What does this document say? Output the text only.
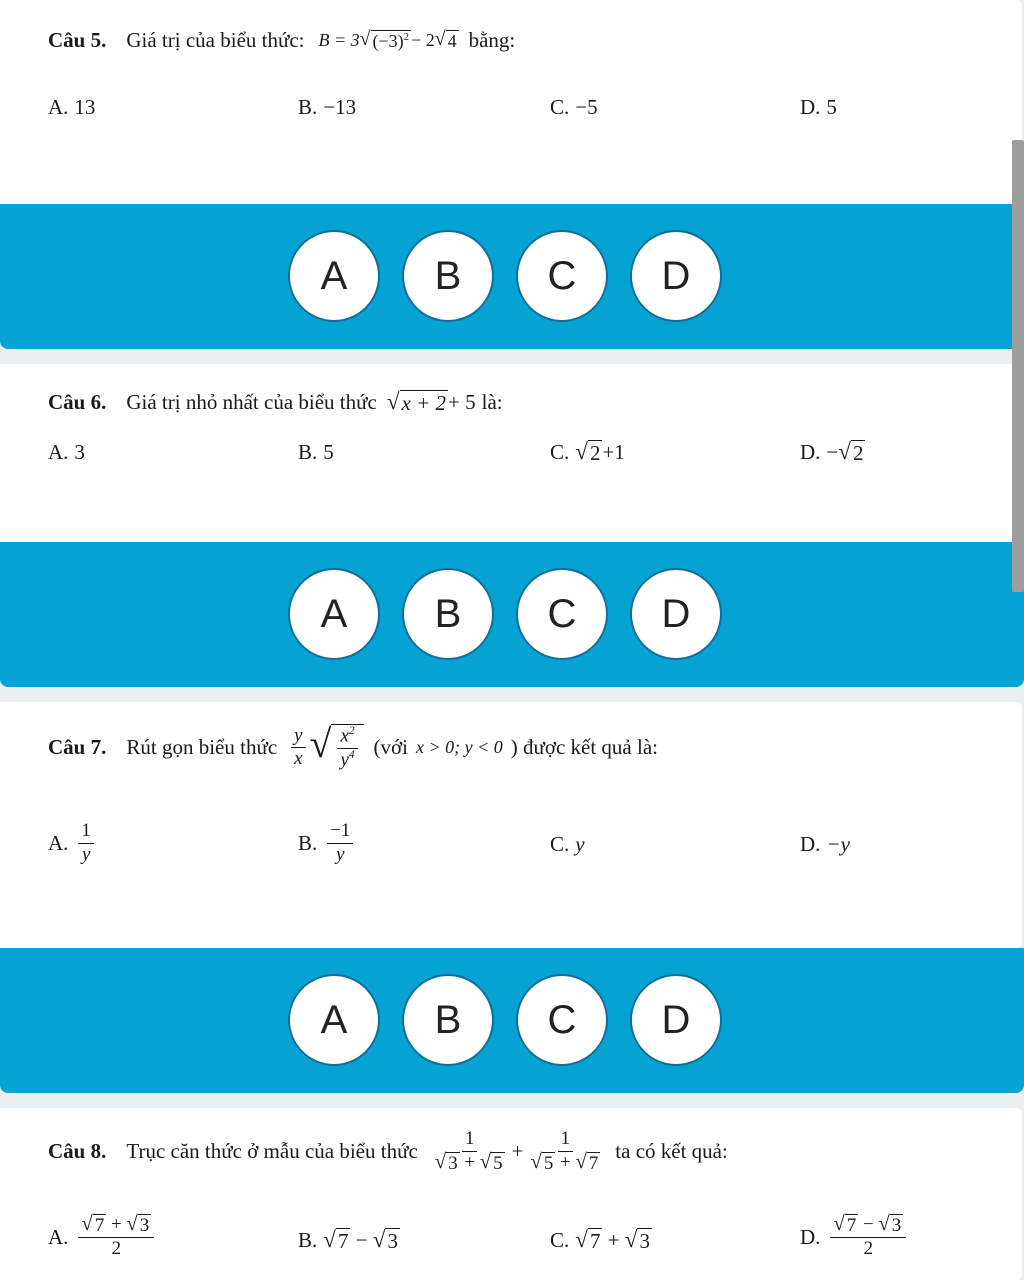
Câu 5. Giá trị của biểu thức: B = 3 √ $(-3)^2 - 2$ √ 4 bằng:
A. 13	B. −13	C. −5	D. 5
A	B	C	D
Câu 6. Giá trị nhỏ nhất của biểu thức √ x + 2 + 5 là:
A. 3	B. 5	C. √ 2 +1	D. − √ 2
A	B	C	D
Câu 7. Rút gọn biểu thức $\frac{y}{x}$ √ $\frac{x^2}{y^4}$ (với x > 0; y < 0 ) được kết quả là:
A. $\frac{1}{y}$	B. $\frac{-1}{y}$	C. y	D. −y
A	B	C	D
Câu 8. Trục căn thức ở mẫu của biểu thức $\frac{1}{√ 3 + √ 5} + \frac{1}{√ 5 + √ 7}$ ta có kết quả:
A. $\frac{√ 7 + √ 3}{2}$	B. √ 7 − √ 3	C. √ 7 + √ 3	D. $\frac{√ 7 - √ 3}{2}$
